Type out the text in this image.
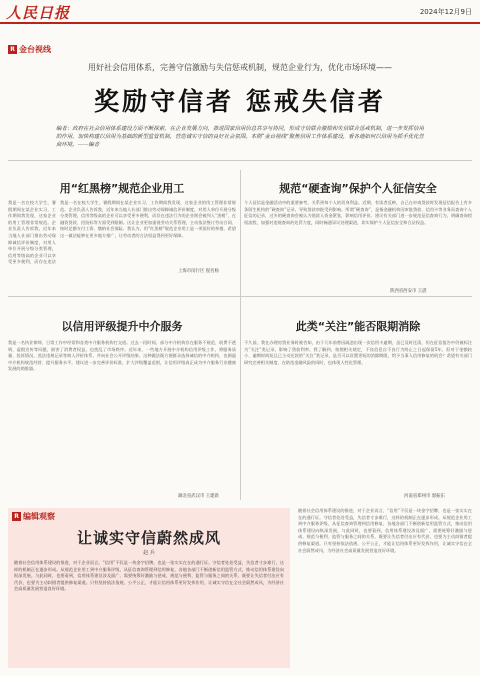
人民日报	2024年12月9日
R 金台视线
用好社会信用体系，完善守信激励与失信惩戒机制，规范企业行为，优化市场环境——
奖励守信者 惩戒失信者
编者：政府在社会信用体系建设方面不断探索，在企业发展方向，推进国家信用信息共享与协同，形成守信联合激励和失信联合惩戒机制，进一步发挥信用的作用，加快构建以信用为基础的新型监管机制，营造诚实守信的良好社会氛围。本期“金台视线”聚焦信用工作体系建设，看各地如何以信用为抓手优化营商环境。——编者
用“红黑榜”规范企业用工
我是一名在校大学生，暑假期间在某企业实习，工作期间我发现，这家企业的用工管理非常规范。企业负责人告诉我，近年来当地人社部门推出劳动保障诚信评价制度，对用人单位开展分级分类管理，信用等级高的企业可以享受更多便利，而存在违法行为的企业则会被列入“黑榜”，在融资贷款、招投标等方面受到限制。这让企业更加重视劳动关系管理，主动依法签订劳动合同、按时足额支付工资、缴纳社会保险。我认为，用“红黑榜”规范企业用工是一项很好的举措，希望这一做法能够在更多地方推广，让劳动者的合法权益得到更好保障。
我是一名在校大学生，暑假期间在某企业实习，工作期间我发现，这家企业的用工管理非常规范。企业负责人告诉我，近年来当地人社部门推出劳动保障诚信评价制度，对用人单位开展分级分类管理，信用等级高的企业可以享受更多便利，而存在违法
上海市闵行区 倪名杨
规范“硬查询”保护个人征信安全
个人征信是金融活动中的重要参考，关系到每个人的切身利益。近期，有读者反映，自己在申请贷款时发现征信报告上有多条陌生机构的“硬查询”记录，导致贷款审批受到影响。所谓“硬查询”，是指金融机构因审批贷款、信用卡等业务而查询个人征信的记录，过多的硬查询会被认为借款人资金紧张，影响信用评价。建议有关部门进一步规范征信查询行为，明确查询授权流程，加强对违规查询的处罚力度，同时畅通异议处理渠道，切实保护个人征信安全和合法权益。
陕西省西安市 王湛
以信用评级提升中介服务
我是一名执业律师，日常工作中经常和各类中介服务机构打交道。过去一段时间，部分中介机构存在服务不规范、收费不透明、虚假宣传等问题，损害了消费者权益，也扰乱了市场秩序。近年来，一些地方开展中介机构信用评级工作，将服务质量、投诉情况、违法违规记录等纳入评价体系，并向社会公开评级结果。这种做法既方便群众选择诚信的中介机构，也倒逼中介机构规范经营、提升服务水平。建议进一步完善评价标准，扩大评级覆盖范围，让信用评级真正成为中介服务行业健康发展的助推器。
湖北省武汉市 王建新
此类“关注”能否限期消除
不久前，我在办理房贷业务时被告知，由于几年前曾因疏忽出现一次信用卡逾期，虽已及时还清，但在征信报告中仍被标注为“关注”类记录，影响了贷款利率。我了解到，按照相关规定，不良信息自不良行为终止之日起保留5年，但对于金额较小、逾期时间短且已主动还款的“关注”类记录，是否可以设置更短的消除期限，给予当事人信用修复的机会？希望有关部门研究完善相关制度，在防范金融风险的同时，也体现人性化管理。
河南省郑州市 郭振东
R 编辑观察
让诚实守信蔚然成风
赵 兵
随着社会信用体系建设的推进，对于企业而言，“信用”不仅是一块金字招牌，也是一张实实在在的通行证。守信者处处受益，失信者寸步难行，这样的机制正在逐步形成。从规范企业用工到中介服务评级，从征信查询管理到信用修复，各地各部门不断创新信用监管方式，推动信用体系建设向纵深发展。与此同时，也要看到，信用体系建设涉及面广，需要统筹好激励与惩戒、规范与便利、监管与服务之间的关系，既要让失信者付出应有代价，也要为主动纠错者提供修复渠道。只有坚持依法依规、公平公正，才能让信用体系更好发挥作用，让诚实守信在全社会蔚然成风，为经济社会高质量发展营造良好环境。
随着社会信用体系建设的推进，对于企业而言，“信用”不仅是一块金字招牌，也是一张实实在在的通行证。守信者处处受益，失信者寸步难行，这样的机制正在逐步形成。从规范企业用工到中介服务评级，从征信查询管理到信用修复，各地各部门不断创新信用监管方式，推动信用体系建设向纵深发展。与此同时，也要看到，信用体系建设涉及面广，需要统筹好激励与惩戒、规范与便利、监管与服务之间的关系，既要让失信者付出应有代价，也要为主动纠错者提供修复渠道。只有坚持依法依规、公平公正，才能让信用体系更好发挥作用，让诚实守信在全社会蔚然成风，为经济社会高质量发展营造良好环境。
